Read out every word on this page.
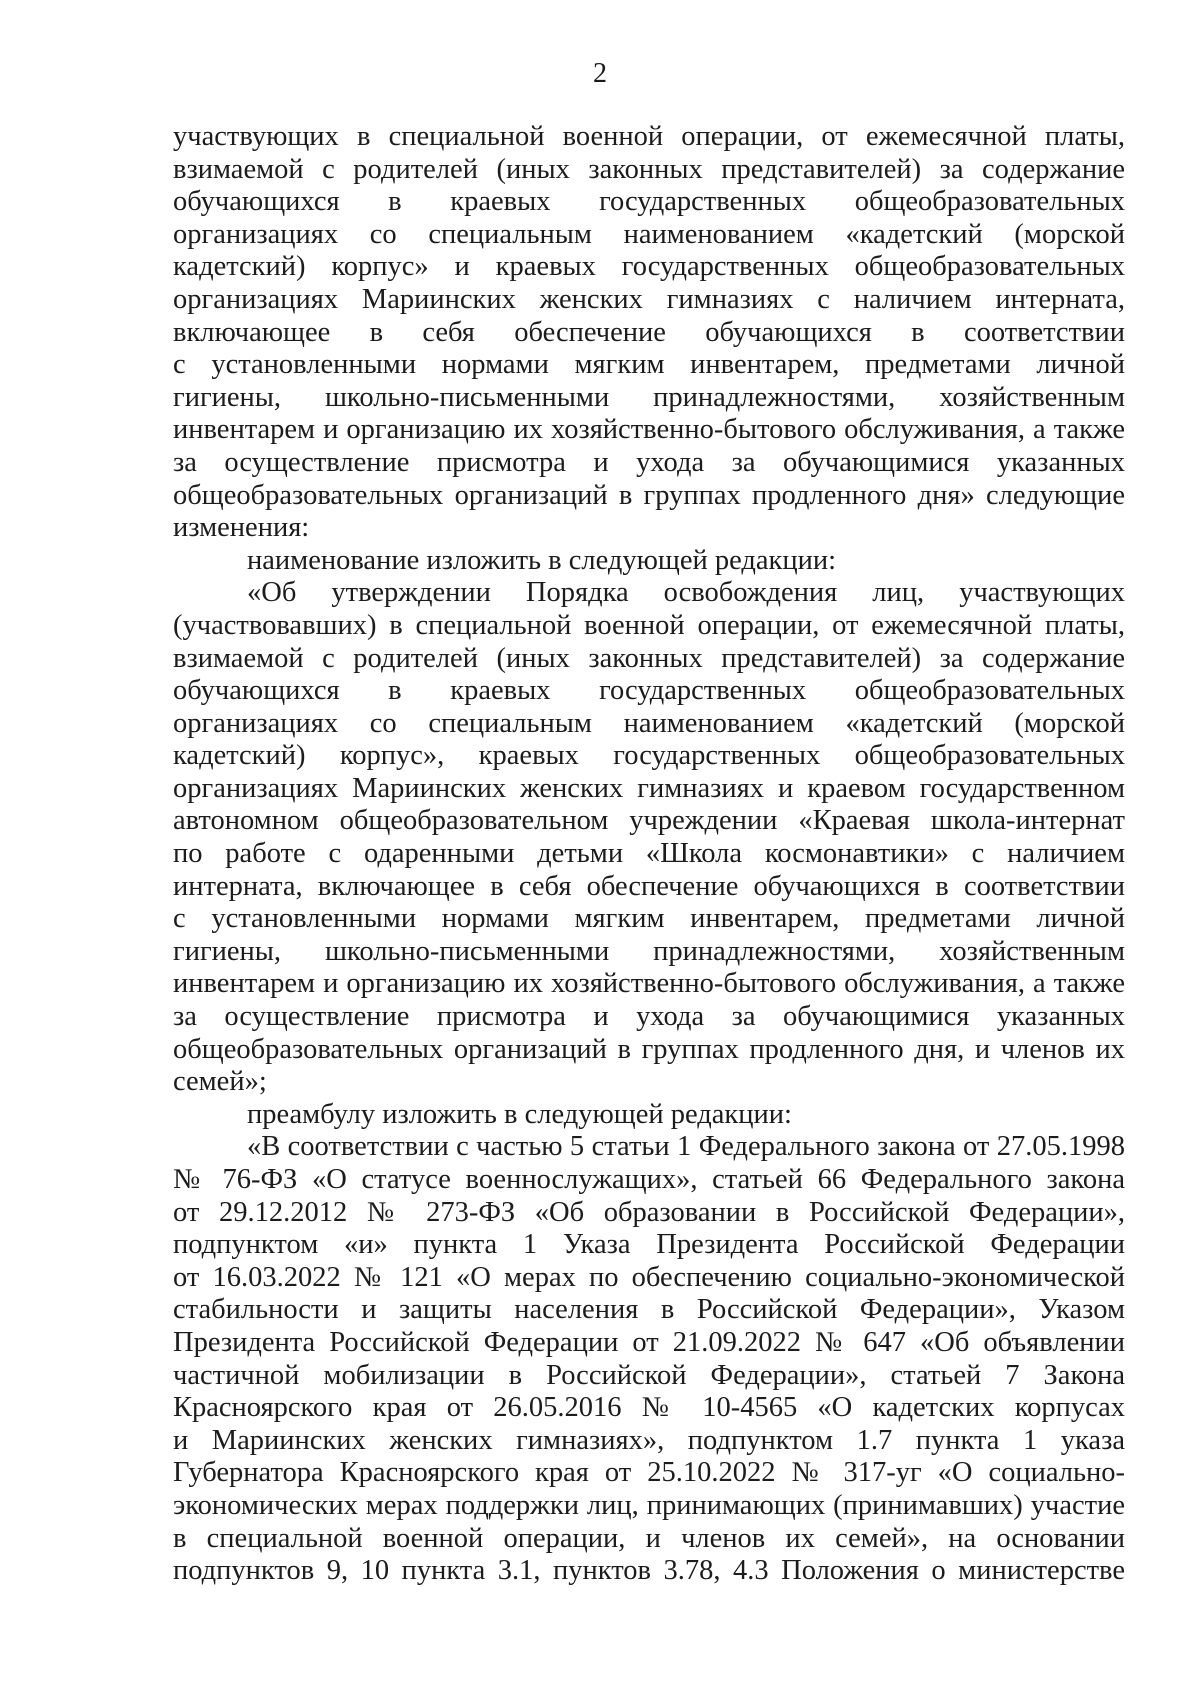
2
участвующих в специальной военной операции, от ежемесячной платы,
взимаемой с родителей (иных законных представителей) за содержание
обучающихся в краевых государственных общеобразовательных
организациях со специальным наименованием «кадетский (морской
кадетский) корпус» и краевых государственных общеобразовательных
организациях Мариинских женских гимназиях с наличием интерната,
включающее в себя обеспечение обучающихся в соответствии
с установленными нормами мягким инвентарем, предметами личной
гигиены, школьно-письменными принадлежностями, хозяйственным
инвентарем и организацию их хозяйственно-бытового обслуживания, а также
за осуществление присмотра и ухода за обучающимися указанных
общеобразовательных организаций в группах продленного дня» следующие
изменения:
наименование изложить в следующей редакции:
«Об утверждении Порядка освобождения лиц, участвующих
(участвовавших) в специальной военной операции, от ежемесячной платы,
взимаемой с родителей (иных законных представителей) за содержание
обучающихся в краевых государственных общеобразовательных
организациях со специальным наименованием «кадетский (морской
кадетский) корпус», краевых государственных общеобразовательных
организациях Мариинских женских гимназиях и краевом государственном
автономном общеобразовательном учреждении «Краевая школа-интернат
по работе с одаренными детьми «Школа космонавтики» с наличием
интерната, включающее в себя обеспечение обучающихся в соответствии
с установленными нормами мягким инвентарем, предметами личной
гигиены, школьно-письменными принадлежностями, хозяйственным
инвентарем и организацию их хозяйственно-бытового обслуживания, а также
за осуществление присмотра и ухода за обучающимися указанных
общеобразовательных организаций в группах продленного дня, и членов их
семей»;
преамбулу изложить в следующей редакции:
«В соответствии с частью 5 статьи 1 Федерального закона от 27.05.1998
№ 76-ФЗ «О статусе военнослужащих», статьей 66 Федерального закона
от 29.12.2012 № 273-ФЗ «Об образовании в Российской Федерации»,
подпунктом «и» пункта 1 Указа Президента Российской Федерации
от 16.03.2022 № 121 «О мерах по обеспечению социально-экономической
стабильности и защиты населения в Российской Федерации», Указом
Президента Российской Федерации от 21.09.2022 № 647 «Об объявлении
частичной мобилизации в Российской Федерации», статьей 7 Закона
Красноярского края от 26.05.2016 № 10-4565 «О кадетских корпусах
и Мариинских женских гимназиях», подпунктом 1.7 пункта 1 указа
Губернатора Красноярского края от 25.10.2022 № 317-уг «О социально-
экономических мерах поддержки лиц, принимающих (принимавших) участие
в специальной военной операции, и членов их семей», на основании
подпунктов 9, 10 пункта 3.1, пунктов 3.78, 4.3 Положения о министерстве
